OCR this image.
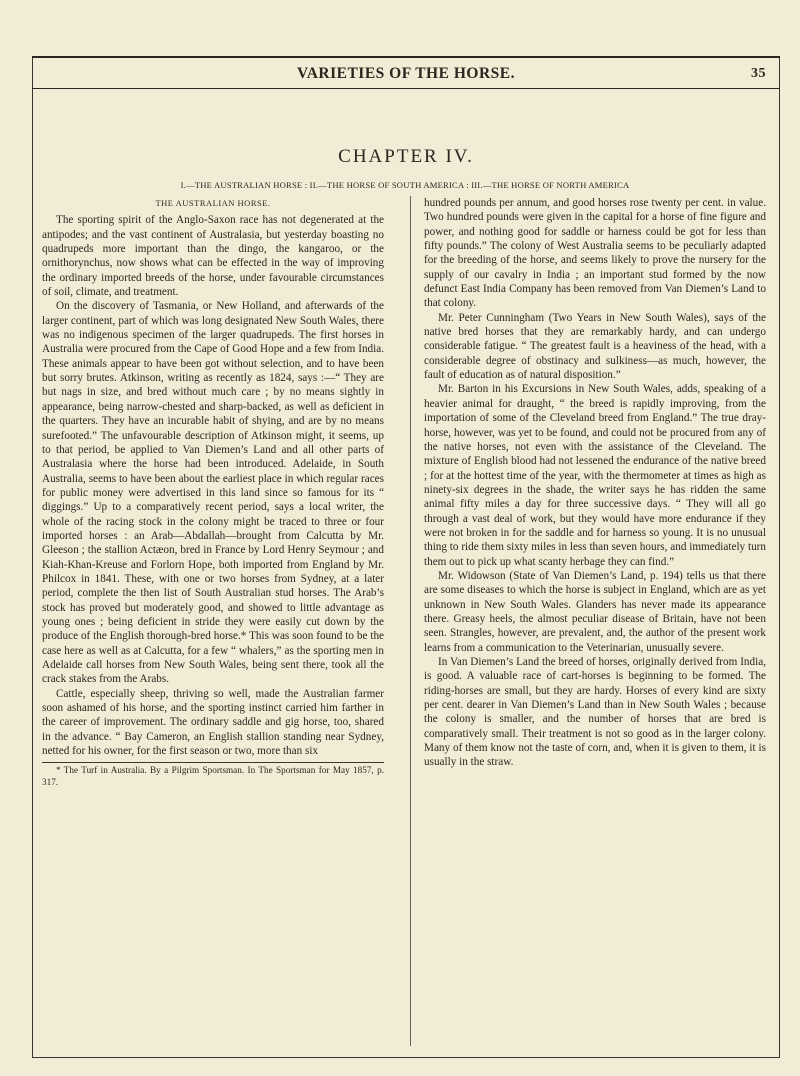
VARIETIES OF THE HORSE.	35
CHAPTER IV.
I.—THE AUSTRALIAN HORSE : II.—THE HORSE OF SOUTH AMERICA : III.—THE HORSE OF NORTH AMERICA
THE AUSTRALIAN HORSE.

The sporting spirit of the Anglo-Saxon race has not degenerated at the antipodes; and the vast continent of Australasia, but yesterday boasting no quadrupeds more important than the dingo, the kangaroo, or the ornithorynchus, now shows what can be effected in the way of improving the ordinary imported breeds of the horse, under favourable circumstances of soil, climate, and treatment.

On the discovery of Tasmania, or New Holland, and afterwards of the larger continent, part of which was long designated New South Wales, there was no indigenous specimen of the larger quadrupeds. The first horses in Australia were procured from the Cape of Good Hope and a few from India. These animals appear to have been got without selection, and to have been but sorry brutes. Atkinson, writing as recently as 1824, says :—“ They are but nags in size, and bred without much care ; by no means sightly in appearance, being narrow-chested and sharp-backed, as well as deficient in the quarters. They have an incurable habit of shying, and are by no means surefooted.” The unfavourable description of Atkinson might, it seems, up to that period, be applied to Van Diemen’s Land and all other parts of Australasia where the horse had been introduced. Adelaide, in South Australia, seems to have been about the earliest place in which regular races for public money were advertised in this land since so famous for its “ diggings.” Up to a comparatively recent period, says a local writer, the whole of the racing stock in the colony might be traced to three or four imported horses : an Arab—Abdallah—brought from Calcutta by Mr. Gleeson ; the stallion Actæon, bred in France by Lord Henry Seymour ; and Kiah-Khan-Kreuse and Forlorn Hope, both imported from England by Mr. Philcox in 1841. These, with one or two horses from Sydney, at a later period, complete the then list of South Australian stud horses. The Arab’s stock has proved but moderately good, and showed to little advantage as young ones ; being deficient in stride they were easily cut down by the produce of the English thorough-bred horse.* This was soon found to be the case here as well as at Calcutta, for a few “ whalers,” as the sporting men in Adelaide call horses from New South Wales, being sent there, took all the crack stakes from the Arabs.

Cattle, especially sheep, thriving so well, made the Australian farmer soon ashamed of his horse, and the sporting instinct carried him farther in the career of improvement. The ordinary saddle and gig horse, too, shared in the advance. “ Bay Cameron, an English stallion standing near Sydney, netted for his owner, for the first season or two, more than six

* The Turf in Australia. By a Pilgrim Sportsman. In The Sportsman for May 1857, p. 317.

hundred pounds per annum, and good horses rose twenty per cent. in value. Two hundred pounds were given in the capital for a horse of fine figure and power, and nothing good for saddle or harness could be got for less than fifty pounds.” The colony of West Australia seems to be peculiarly adapted for the breeding of the horse, and seems likely to prove the nursery for the supply of our cavalry in India ; an important stud formed by the now defunct East India Company has been removed from Van Diemen’s Land to that colony.

Mr. Peter Cunningham (Two Years in New South Wales), says of the native bred horses that they are remarkably hardy, and can undergo considerable fatigue. “ The greatest fault is a heaviness of the head, with a considerable degree of obstinacy and sulkiness—as much, however, the fault of education as of natural disposition.”

Mr. Barton in his Excursions in New South Wales, adds, speaking of a heavier animal for draught, “ the breed is rapidly improving, from the importation of some of the Cleveland breed from England.” The true dray-horse, however, was yet to be found, and could not be procured from any of the native horses, not even with the assistance of the Cleveland. The mixture of English blood had not lessened the endurance of the native breed ; for at the hottest time of the year, with the thermometer at times as high as ninety-six degrees in the shade, the writer says he has ridden the same animal fifty miles a day for three successive days. “ They will all go through a vast deal of work, but they would have more endurance if they were not broken in for the saddle and for harness so young. It is no unusual thing to ride them sixty miles in less than seven hours, and immediately turn them out to pick up what scanty herbage they can find.”

Mr. Widowson (State of Van Diemen’s Land, p. 194) tells us that there are some diseases to which the horse is subject in England, which are as yet unknown in New South Wales. Glanders has never made its appearance there. Greasy heels, the almost peculiar disease of Britain, have not been seen. Strangles, however, are prevalent, and, the author of the present work learns from a communication to the Veterinarian, unusually severe.

In Van Diemen’s Land the breed of horses, originally derived from India, is good. A valuable race of cart-horses is beginning to be formed. The riding-horses are small, but they are hardy. Horses of every kind are sixty per cent. dearer in Van Diemen’s Land than in New South Wales ; because the colony is smaller, and the number of horses that are bred is comparatively small. Their treatment is not so good as in the larger colony. Many of them know not the taste of corn, and, when it is given to them, it is usually in the straw.
